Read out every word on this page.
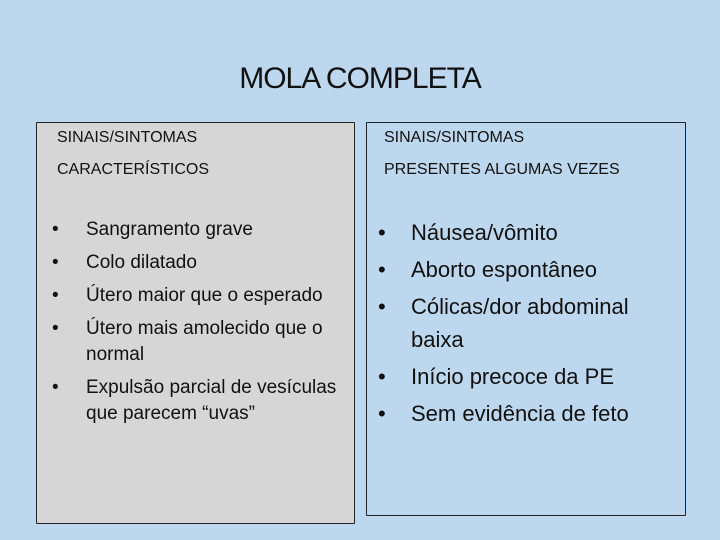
MOLA COMPLETA
SINAIS/SINTOMAS
CARACTERÍSTICOS
SINAIS/SINTOMAS
PRESENTES ALGUMAS VEZES
• Sangramento grave
• Colo dilatado
• Útero maior que o esperado
• Útero mais amolecido que o normal
• Expulsão parcial de vesículas que parecem “uvas”
• Náusea/vômito
• Aborto espontâneo
• Cólicas/dor abdominal baixa
• Início precoce da PE
• Sem evidência de feto
